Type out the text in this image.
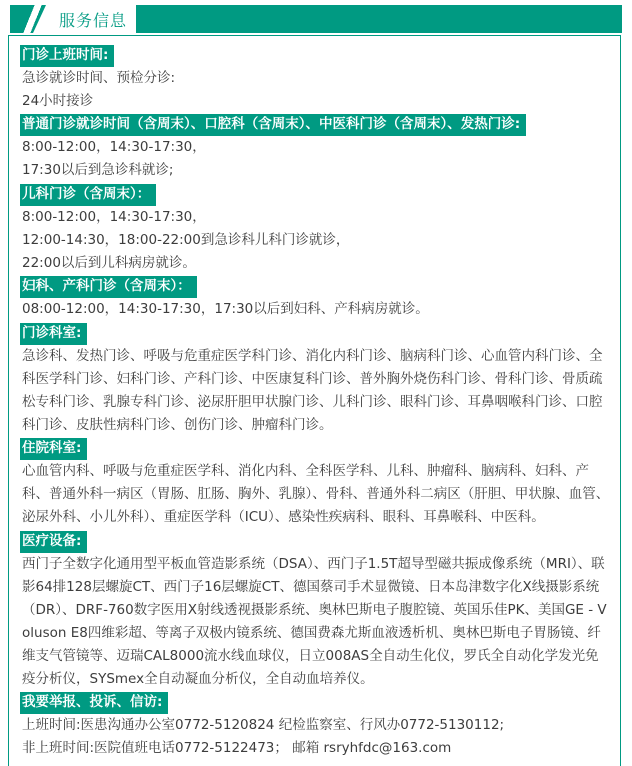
服务信息
门诊上班时间:

急诊就诊时间、预检分诊:

24小时接诊

普通门诊就诊时间（含周末）、口腔科（含周末）、中医科门诊（含周末）、发热门诊:

8:00-12:00，14:30-17:30，

17:30以后到急诊科就诊;

儿科门诊（含周末）：

8:00-12:00，14:30-17:30，

12:00-14:30，18:00-22:00到急诊科儿科门诊就诊，

22:00以后到儿科病房就诊。

妇科、产科门诊（含周末）：

08:00-12:00，14:30-17:30，17:30以后到妇科、产科病房就诊。

门诊科室:

急诊科、发热门诊、呼吸与危重症医学科门诊、消化内科门诊、脑病科门诊、心血管内科门诊、全科医学科门诊、妇科门诊、产科门诊、中医康复科门诊、普外胸外烧伤科门诊、骨科门诊、骨质疏松专科门诊、乳腺专科门诊、泌尿肝胆甲状腺门诊、儿科门诊、眼科门诊、耳鼻咽喉科门诊、口腔科门诊、皮肤性病科门诊、创伤门诊、肿瘤科门诊。

住院科室:

心血管内科、呼吸与危重症医学科、消化内科、全科医学科、儿科、肿瘤科、脑病科、妇科、产科、普通外科一病区（胃肠、肛肠、胸外、乳腺）、骨科、普通外科二病区（肝胆、甲状腺、血管、泌尿外科、小儿外科）、重症医学科（ICU）、感染性疾病科、眼科、耳鼻喉科、中医科。

医疗设备:

西门子全数字化通用型平板血管造影系统（DSA）、西门子1.5T超导型磁共振成像系统（MRI）、联影64排128层螺旋CT、西门子16层螺旋CT、德国蔡司手术显微镜、日本岛津数字化X线摄影系统（DR）、DRF-760数字医用X射线透视摄影系统、奥林巴斯电子腹腔镜、英国乐佳PK、美国GE - Voluson E8四维彩超、等离子双极内镜系统、德国费森尤斯血液透析机、奥林巴斯电子胃肠镜、纤维支气管镜等、迈瑞CAL8000流水线血球仪，日立008AS全自动生化仪，罗氏全自动化学发光免疫分析仪，SYSmex全自动凝血分析仪，全自动血培养仪。

我要举报、投诉、信访:

上班时间:医患沟通办公室0772-5120824 纪检监察室、行风办0772-5130112;

非上班时间:医院值班电话0772-5122473； 邮箱 rsryhfdc@163.com
